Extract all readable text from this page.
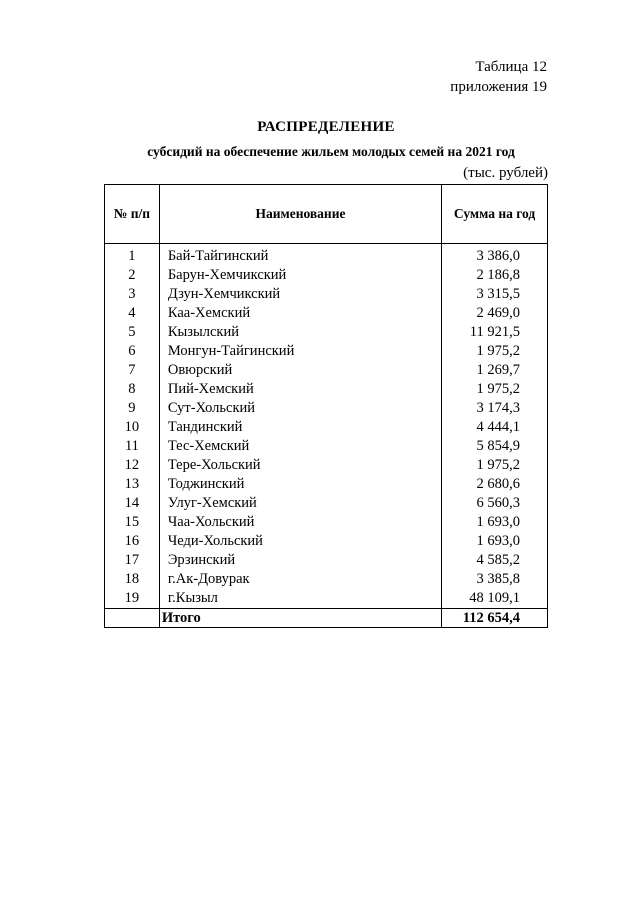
Таблица 12
приложения 19
РАСПРЕДЕЛЕНИЕ
субсидий на обеспечение жильем молодых семей на 2021 год
(тыс. рублей)
№ п/п	Наименование	Сумма на год
1	Бай-Тайгинский	3 386,0
2	Барун-Хемчикский	2 186,8
3	Дзун-Хемчикский	3 315,5
4	Каа-Хемский	2 469,0
5	Кызылский	11 921,5
6	Монгун-Тайгинский	1 975,2
7	Овюрский	1 269,7
8	Пий-Хемский	1 975,2
9	Сут-Хольский	3 174,3
10	Тандинский	4 444,1
11	Тес-Хемский	5 854,9
12	Тере-Хольский	1 975,2
13	Тоджинский	2 680,6
14	Улуг-Хемский	6 560,3
15	Чаа-Хольский	1 693,0
16	Чеди-Хольский	1 693,0
17	Эрзинский	4 585,2
18	г.Ак-Довурак	3 385,8
19	г.Кызыл	48 109,1
	Итого	112 654,4
